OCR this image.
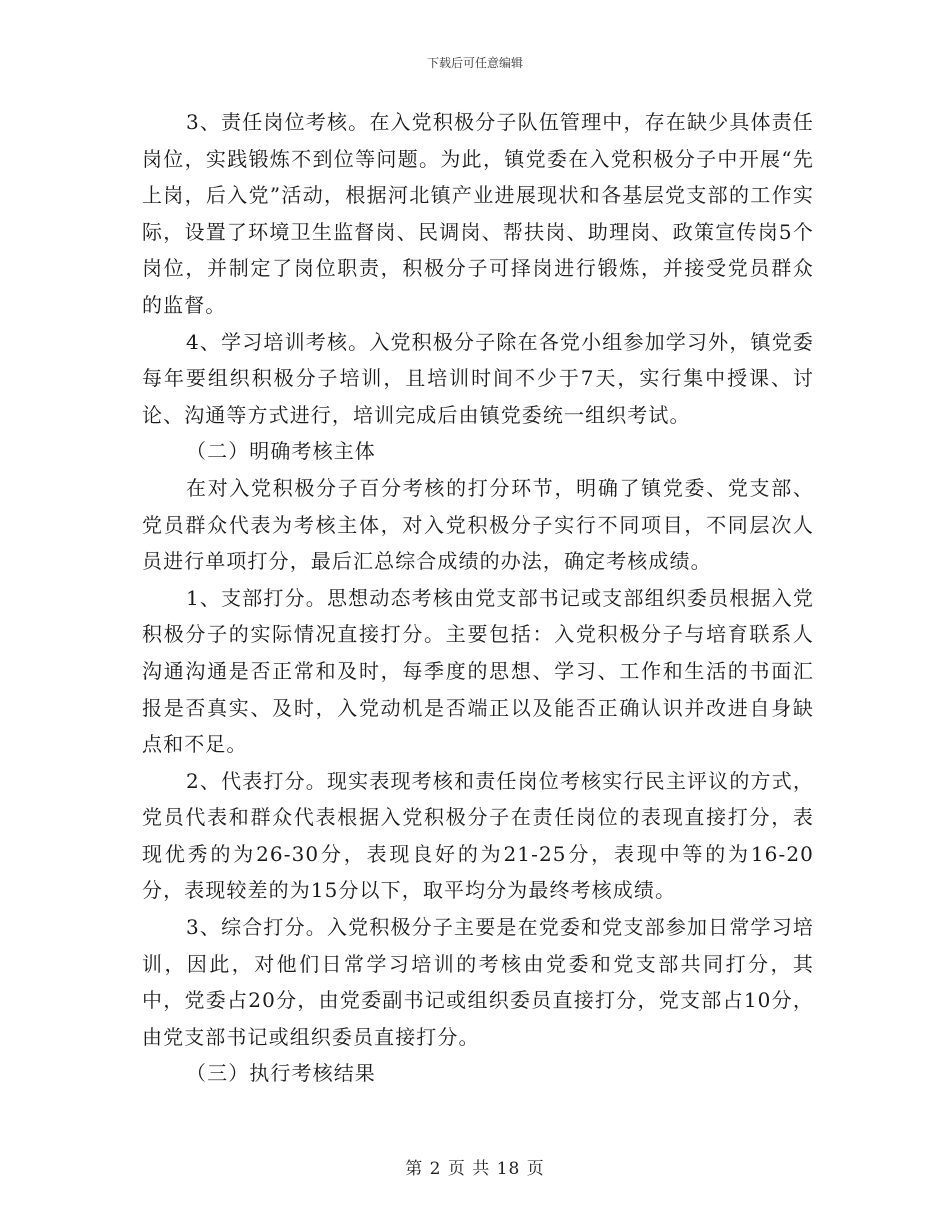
下载后可任意编辑

3、责任岗位考核。在入党积极分子队伍管理中，存在缺少具体责任岗位，实践锻炼不到位等问题。为此，镇党委在入党积极分子中开展“先上岗，后入党”活动，根据河北镇产业进展现状和各基层党支部的工作实际，设置了环境卫生监督岗、民调岗、帮扶岗、助理岗、政策宣传岗5个岗位，并制定了岗位职责，积极分子可择岗进行锻炼，并接受党员群众的监督。

4、学习培训考核。入党积极分子除在各党小组参加学习外，镇党委每年要组织积极分子培训，且培训时间不少于7天，实行集中授课、讨论、沟通等方式进行，培训完成后由镇党委统一组织考试。

（二）明确考核主体

在对入党积极分子百分考核的打分环节，明确了镇党委、党支部、党员群众代表为考核主体，对入党积极分子实行不同项目，不同层次人员进行单项打分，最后汇总综合成绩的办法，确定考核成绩。

1、支部打分。思想动态考核由党支部书记或支部组织委员根据入党积极分子的实际情况直接打分。主要包括：入党积极分子与培育联系人沟通沟通是否正常和及时，每季度的思想、学习、工作和生活的书面汇报是否真实、及时，入党动机是否端正以及能否正确认识并改进自身缺点和不足。

2、代表打分。现实表现考核和责任岗位考核实行民主评议的方式，党员代表和群众代表根据入党积极分子在责任岗位的表现直接打分，表现优秀的为26-30分，表现良好的为21-25分，表现中等的为16-20分，表现较差的为15分以下，取平均分为最终考核成绩。

3、综合打分。入党积极分子主要是在党委和党支部参加日常学习培训，因此，对他们日常学习培训的考核由党委和党支部共同打分，其中，党委占20分，由党委副书记或组织委员直接打分，党支部占10分，由党支部书记或组织委员直接打分。

（三）执行考核结果

第 2 页 共 18 页
